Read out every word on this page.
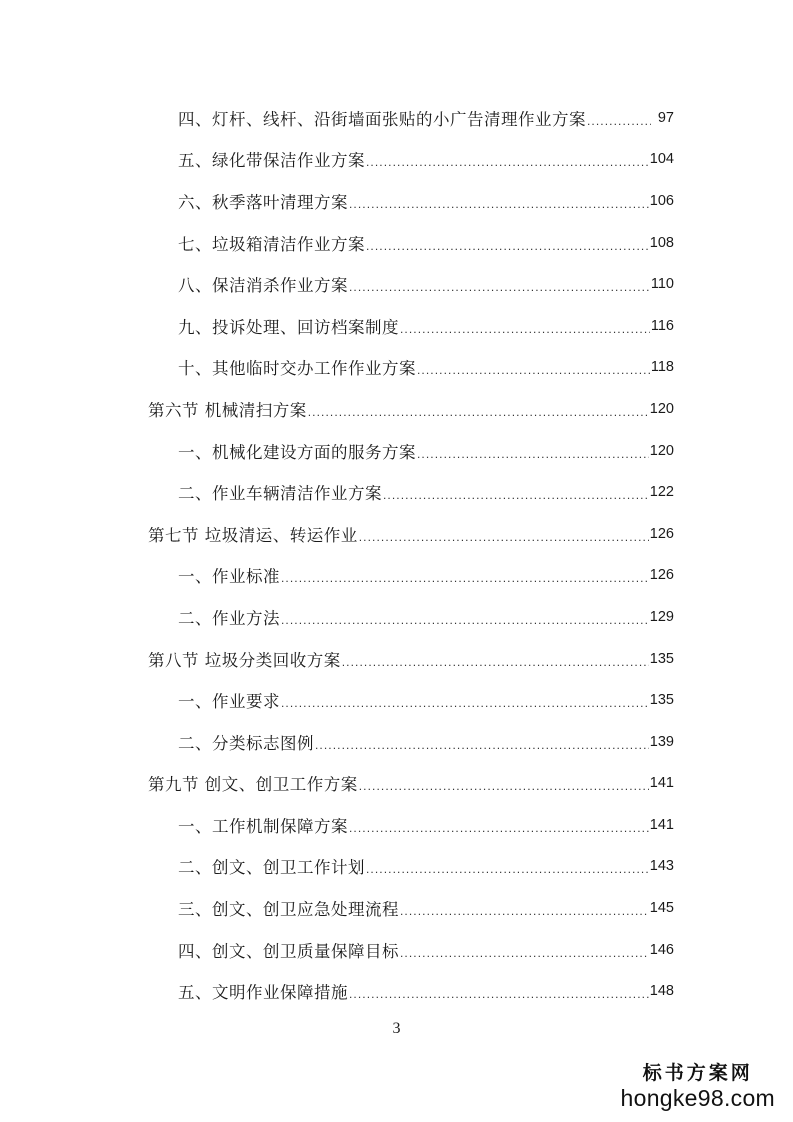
四、灯杆、线杆、沿街墙面张贴的小广告清理作业方案 .....	97
五、绿化带保洁作业方案 .....	104
六、秋季落叶清理方案 .....	106
七、垃圾箱清洁作业方案 .....	108
八、保洁消杀作业方案 .....	110
九、投诉处理、回访档案制度 .....	116
十、其他临时交办工作作业方案 .....	118
第六节 机械清扫方案 .....	120
一、机械化建设方面的服务方案 .....	120
二、作业车辆清洁作业方案 .....	122
第七节 垃圾清运、转运作业 .....	126
一、作业标准 .....	126
二、作业方法 .....	129
第八节 垃圾分类回收方案 .....	135
一、作业要求 .....	135
二、分类标志图例 .....	139
第九节 创文、创卫工作方案 .....	141
一、工作机制保障方案 .....	141
二、创文、创卫工作计划 .....	143
三、创文、创卫应急处理流程 .....	145
四、创文、创卫质量保障目标 .....	146
五、文明作业保障措施 .....	148
3
标书方案网
hongke98.com
